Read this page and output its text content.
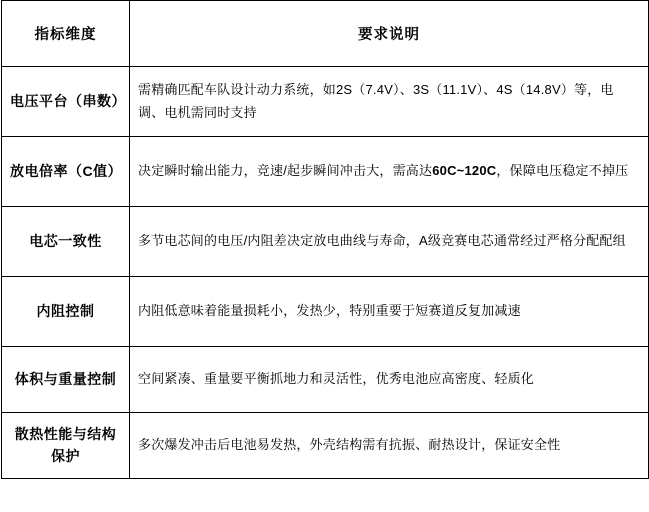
指标维度	要求说明
电压平台（串数）	需精确匹配车队设计动力系统，如2S（7.4V）、3S（11.1V）、4S（14.8V）等，电调、电机需同时支持
放电倍率（C值）	决定瞬时输出能力，竞速/起步瞬间冲击大，需高达60C~120C，保障电压稳定不掉压
电芯一致性	多节电芯间的电压/内阻差决定放电曲线与寿命，A级竞赛电芯通常经过严格分配配组
内阻控制	内阻低意味着能量损耗小，发热少，特别重要于短赛道反复加减速
体积与重量控制	空间紧凑、重量要平衡抓地力和灵活性，优秀电池应高密度、轻质化
散热性能与结构保护	多次爆发冲击后电池易发热，外壳结构需有抗振、耐热设计，保证安全性
